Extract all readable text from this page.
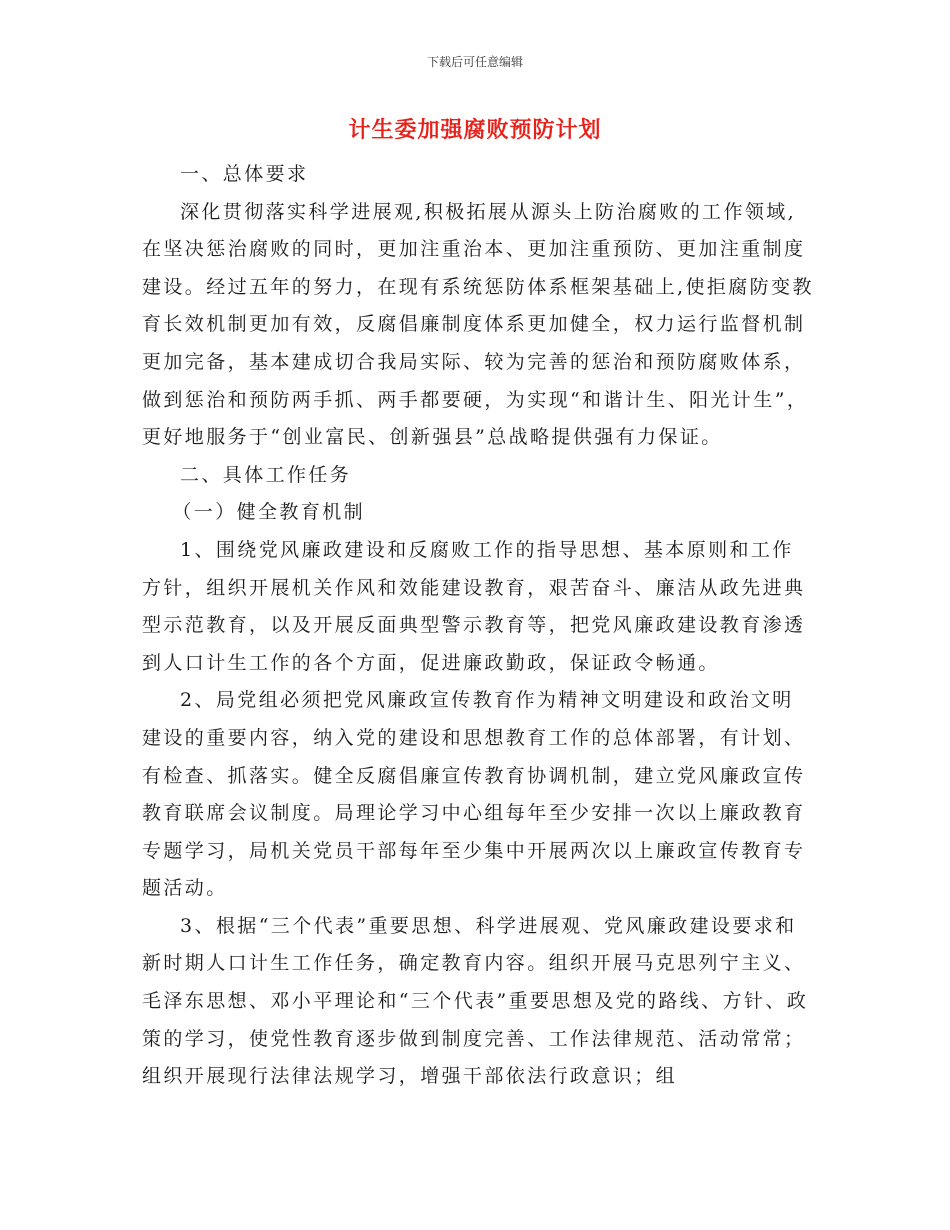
下载后可任意编辑
计生委加强腐败预防计划

一、总体要求

深化贯彻落实科学进展观,积极拓展从源头上防治腐败的工作领域,在坚决惩治腐败的同时，更加注重治本、更加注重预防、更加注重制度建设。经过五年的努力，在现有系统惩防体系框架基础上,使拒腐防变教育长效机制更加有效，反腐倡廉制度体系更加健全，权力运行监督机制更加完备，基本建成切合我局实际、较为完善的惩治和预防腐败体系，做到惩治和预防两手抓、两手都要硬，为实现“和谐计生、阳光计生”，更好地服务于“创业富民、创新强县”总战略提供强有力保证。

二、具体工作任务

（一）健全教育机制

1、围绕党风廉政建设和反腐败工作的指导思想、基本原则和工作方针，组织开展机关作风和效能建设教育，艰苦奋斗、廉洁从政先进典型示范教育，以及开展反面典型警示教育等，把党风廉政建设教育渗透到人口计生工作的各个方面，促进廉政勤政，保证政令畅通。

2、局党组必须把党风廉政宣传教育作为精神文明建设和政治文明建设的重要内容，纳入党的建设和思想教育工作的总体部署，有计划、有检查、抓落实。健全反腐倡廉宣传教育协调机制，建立党风廉政宣传教育联席会议制度。局理论学习中心组每年至少安排一次以上廉政教育专题学习，局机关党员干部每年至少集中开展两次以上廉政宣传教育专题活动。

3、根据“三个代表”重要思想、科学进展观、党风廉政建设要求和新时期人口计生工作任务，确定教育内容。组织开展马克思列宁主义、毛泽东思想、邓小平理论和“三个代表”重要思想及党的路线、方针、政策的学习，使党性教育逐步做到制度完善、工作法律规范、活动常常；组织开展现行法律法规学习，增强干部依法行政意识；组
